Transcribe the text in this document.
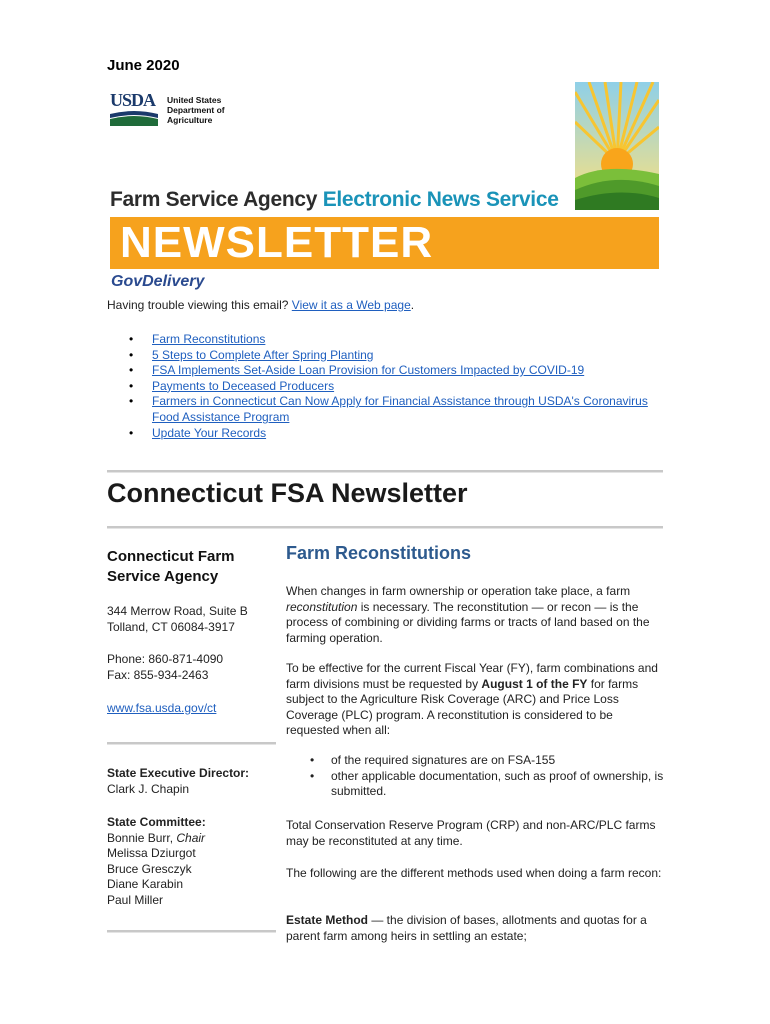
June 2020
USDA United States
Department of
Agriculture
Farm Service Agency Electronic News Service
NEWSLETTER
GovDelivery
Having trouble viewing this email? View it as a Web page.
• Farm Reconstitutions
• 5 Steps to Complete After Spring Planting
• FSA Implements Set-Aside Loan Provision for Customers Impacted by COVID-19
• Payments to Deceased Producers
• Farmers in Connecticut Can Now Apply for Financial Assistance through USDA's Coronavirus Food Assistance Program
• Update Your Records
Connecticut FSA Newsletter
Connecticut Farm
Service Agency
344 Merrow Road, Suite B
Tolland, CT 06084-3917
Phone: 860-871-4090
Fax: 855-934-2463
www.fsa.usda.gov/ct
State Executive Director:
Clark J. Chapin
State Committee:
Bonnie Burr, Chair
Melissa Dziurgot
Bruce Gresczyk
Diane Karabin
Paul Miller
Farm Reconstitutions

When changes in farm ownership or operation take place, a farm reconstitution is necessary. The reconstitution — or recon — is the process of combining or dividing farms or tracts of land based on the farming operation.

To be effective for the current Fiscal Year (FY), farm combinations and farm divisions must be requested by August 1 of the FY for farms subject to the Agriculture Risk Coverage (ARC) and Price Loss Coverage (PLC) program. A reconstitution is considered to be requested when all:

• of the required signatures are on FSA-155
• other applicable documentation, such as proof of ownership, is submitted.

Total Conservation Reserve Program (CRP) and non-ARC/PLC farms may be reconstituted at any time.

The following are the different methods used when doing a farm recon:

Estate Method — the division of bases, allotments and quotas for a parent farm among heirs in settling an estate;
